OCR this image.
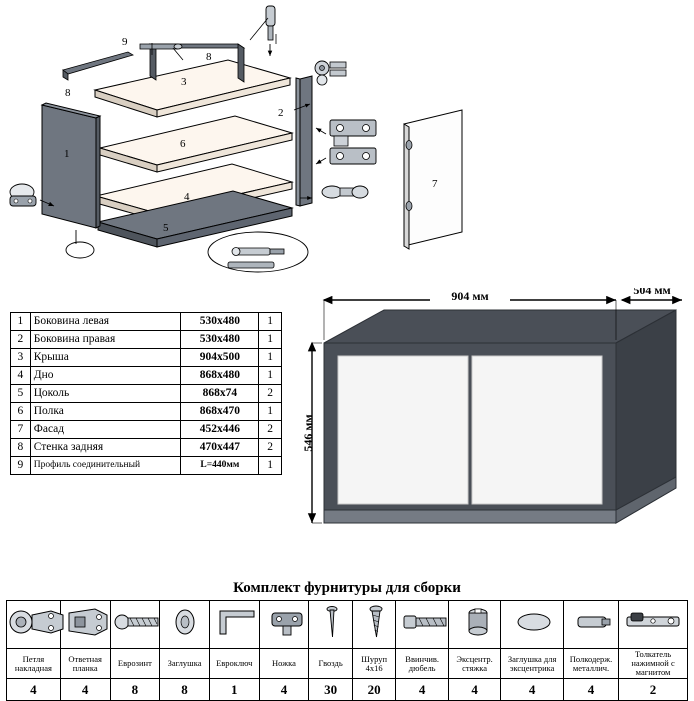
8
8
9
3
1
2
6
4
5
7
1	Боковина левая	530х480	1
2	Боковина правая	530х480	1
3	Крыша	904х500	1
4	Дно	868х480	1
5	Цоколь	868х74	2
6	Полка	868х470	1
7	Фасад	452х446	2
8	Стенка задняя	470х447	2
9	Профиль соединительный	L=440мм	1
904 мм	504 мм
546 мм
Комплект фурнитуры для сборки

Петля накладная	Ответная планка	Еврозинт	Заглушка	Евроключ	Ножка	Гвоздь	Шуруп 4х16	Ввинчив. дюбель	Эксцентр. стяжка	Заглушка для эксцентрика	Полкодерж. металлич.	Толкатель нажимной с магнитом
4	4	8	8	1	4	30	20	4	4	4	4	2
